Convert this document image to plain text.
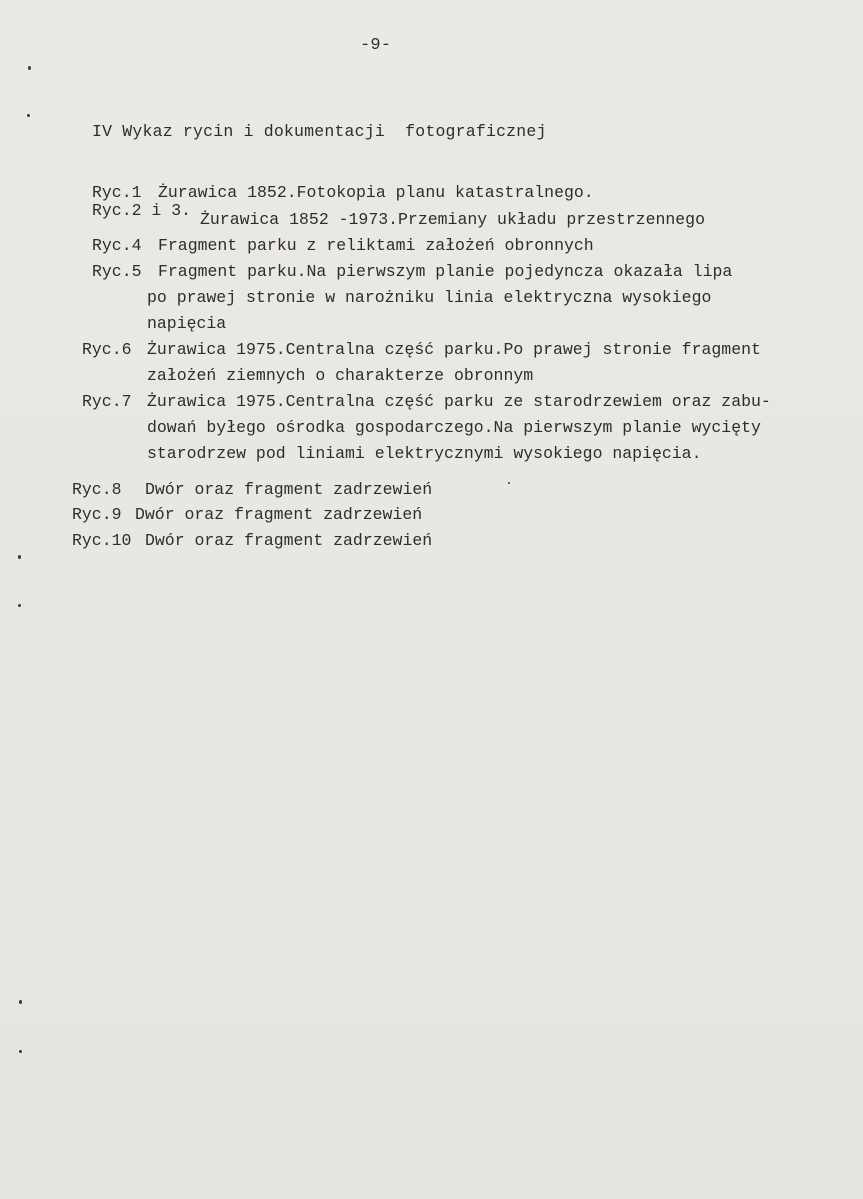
-9-
IV Wykaz rycin i dokumentacji  fotograficznej
Ryc.1 Żurawica 1852.Fotokopia planu katastralnego.
Ryc.2 i 3. Żurawica 1852 -1973.Przemiany układu przestrzennego
Ryc.4 Fragment parku z reliktami założeń obronnych
Ryc.5 Fragment parku.Na pierwszym planie pojedyncza okazała lipa
po prawej stronie w narożniku linia elektryczna wysokiego
napięcia
Ryc.6 Żurawica 1975.Centralna część parku.Po prawej stronie fragment
założeń ziemnych o charakterze obronnym
Ryc.7 Żurawica 1975.Centralna część parku ze starodrzewiem oraz zabu-
dowań byłego ośrodka gospodarczego.Na pierwszym planie wycięty
starodrzew pod liniami elektrycznymi wysokiego napięcia.
Ryc.8 Dwór oraz fragment zadrzewień
Ryc.9 Dwór oraz fragment zadrzewień
Ryc.10 Dwór oraz fragment zadrzewień
